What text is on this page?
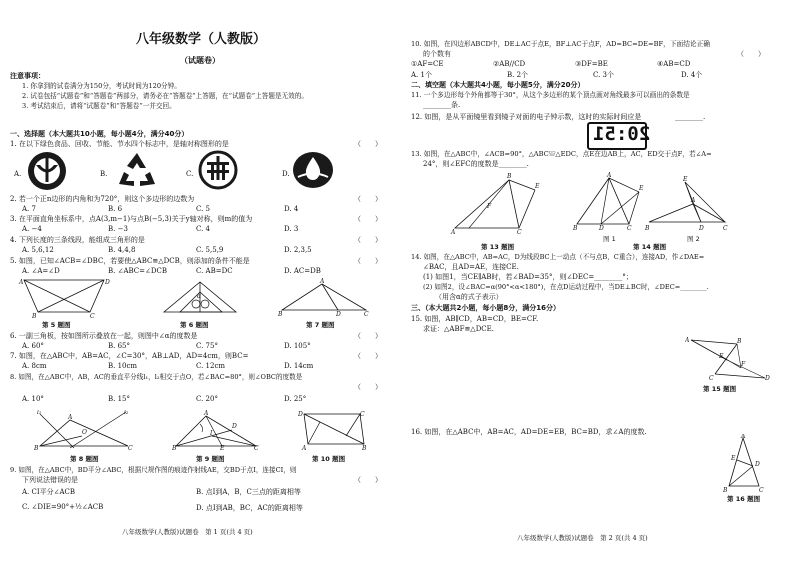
八年级数学（人教版）
（试题卷）
注意事项：
1. 你拿到的试卷满分为150分，考试时间为120分钟。
2. 试卷包括“试题卷”和“答题卷”两部分，请务必在“答题卷”上答题，在“试题卷”上答题是无效的。
3. 考试结束后，请将“试题卷”和“答题卷”一并交回。
一、选择题（本大题共10小题，每小题4分，满分40分）
1. 在以下绿色食品、回收、节能、节水四个标志中，是轴对称图形的是	（　　）
A.	B.	C.	D.
2. 若一个正n边形的内角和为720°，则这个多边形的边数为	（　　）
A. 7	B. 6	C. 5	D. 4
3. 在平面直角坐标系中，点A(3,m−1)与点B(−5,3)关于y轴对称，则m的值为	（　　）
A. −4	B. −3	C. 4	D. 3
4. 下列长度的三条线段，能组成三角形的是	（　　）
A. 5,6,12	B. 4,4,8	C. 5,5,9	D. 2,3,5
5. 如图，已知∠ACB=∠DBC，若要使△ABC≌△DCB，则添加的条件不能是	（　　）
A. ∠A=∠D	B. ∠ABC=∠DCB	C. AB=DC	D. AC=DB
A	D
B	C
α
A
B	D	C
第 5 题图	第 6 题图	第 7 题图
6. 一副三角板，按如图所示叠放在一起，则图中∠α的度数是	（　　）
A. 60°	B. 65°	C. 75°	D. 105°
7. 如图，在△ABC中，AB=AC，∠C=30°，AB⊥AD，AD=4cm，则BC=	（　　）
A. 8cm	B. 10cm	C. 12cm	D. 14cm
8. 如图，在△ABC中，AB，AC的垂直平分线l₁，l₂相交于点O，若∠BAC=80°，则∠OBC的度数是
（　　）
A. 10°	B. 15°	C. 20°	D. 25°
l₁	l₂
A
O
B	C
A
D
I
B	E	C
D	C
A	B
第 8 题图	第 9 题图	第 10 题图
9. 如图，在△ABC中，BD平分∠ABC，根据尺规作图的痕迹作射线AE，交BD于点I，连接CI，则
下列说法错误的是	（　　）
A. CI平分∠ACB	B. 点I到A，B，C三点的距离相等
C. ∠DIE=90°+½∠ACB	D. 点I到AB，BC，AC的距离相等
八年级数学(人教版)试题卷　第 1 页(共 4 页)
10. 如图，在四边形ABCD中，DE⊥AC于点E，BF⊥AC于点F，AD=BC=DE=BF，下面结论正确
的个数有	（　　）
①AF=CE	②AB//CD	③DF=BE	④AB=CD
A. 1个	B. 2个	C. 3个	D. 4个
二、填空题（本大题共4小题，每小题5分，满分20分）
11. 一个多边形每个外角都等于30°，从这个多边形的某个顶点画对角线最多可以画出的条数是
________条.
12. 如图，是从平面镜里看到镜子对面的电子钟示数，这时的实际时间应是
20:51
________.
13. 如图，在△ABC中，∠ACB=90°，△ABC≌△EDC，点E在边AB上，AC，ED交于点F，若∠A=
24°，则∠EFC的度数是________.
A	C
B
E
F
A
E
B	D	C
E
A
B	D	C
图 1	图 2
第 13 题图	第 14 题图
14. 如图，在△ABC中，AB=AC，D为线段BC上一动点（不与点B，C重合），连接AD，作∠DAE=
∠BAC，且AD=AE，连接CE.
(1) 如图1，当CE∥AB时，若∠BAD=35°，则∠DEC=________°；
(2) 如图2，设∠BAC=α(90°<α<180°)，在点D运动过程中，当DE⊥BC时，∠DEC=________.
（用含α的式子表示）
三、（本大题共2小题，每小题8分，满分16分）
15. 如图，AB∥CD，AB=CD，BE=CF.
求证：△ABF≌△DCE.
A	B
E
F
C	D
第 15 题图
16. 如图，在△ABC中，AB=AC，AD=DE=EB，BC=BD，求∠A的度数.
A
E
D
B	C
第 16 题图
八年级数学(人教版)试题卷　第 2 页(共 4 页)
